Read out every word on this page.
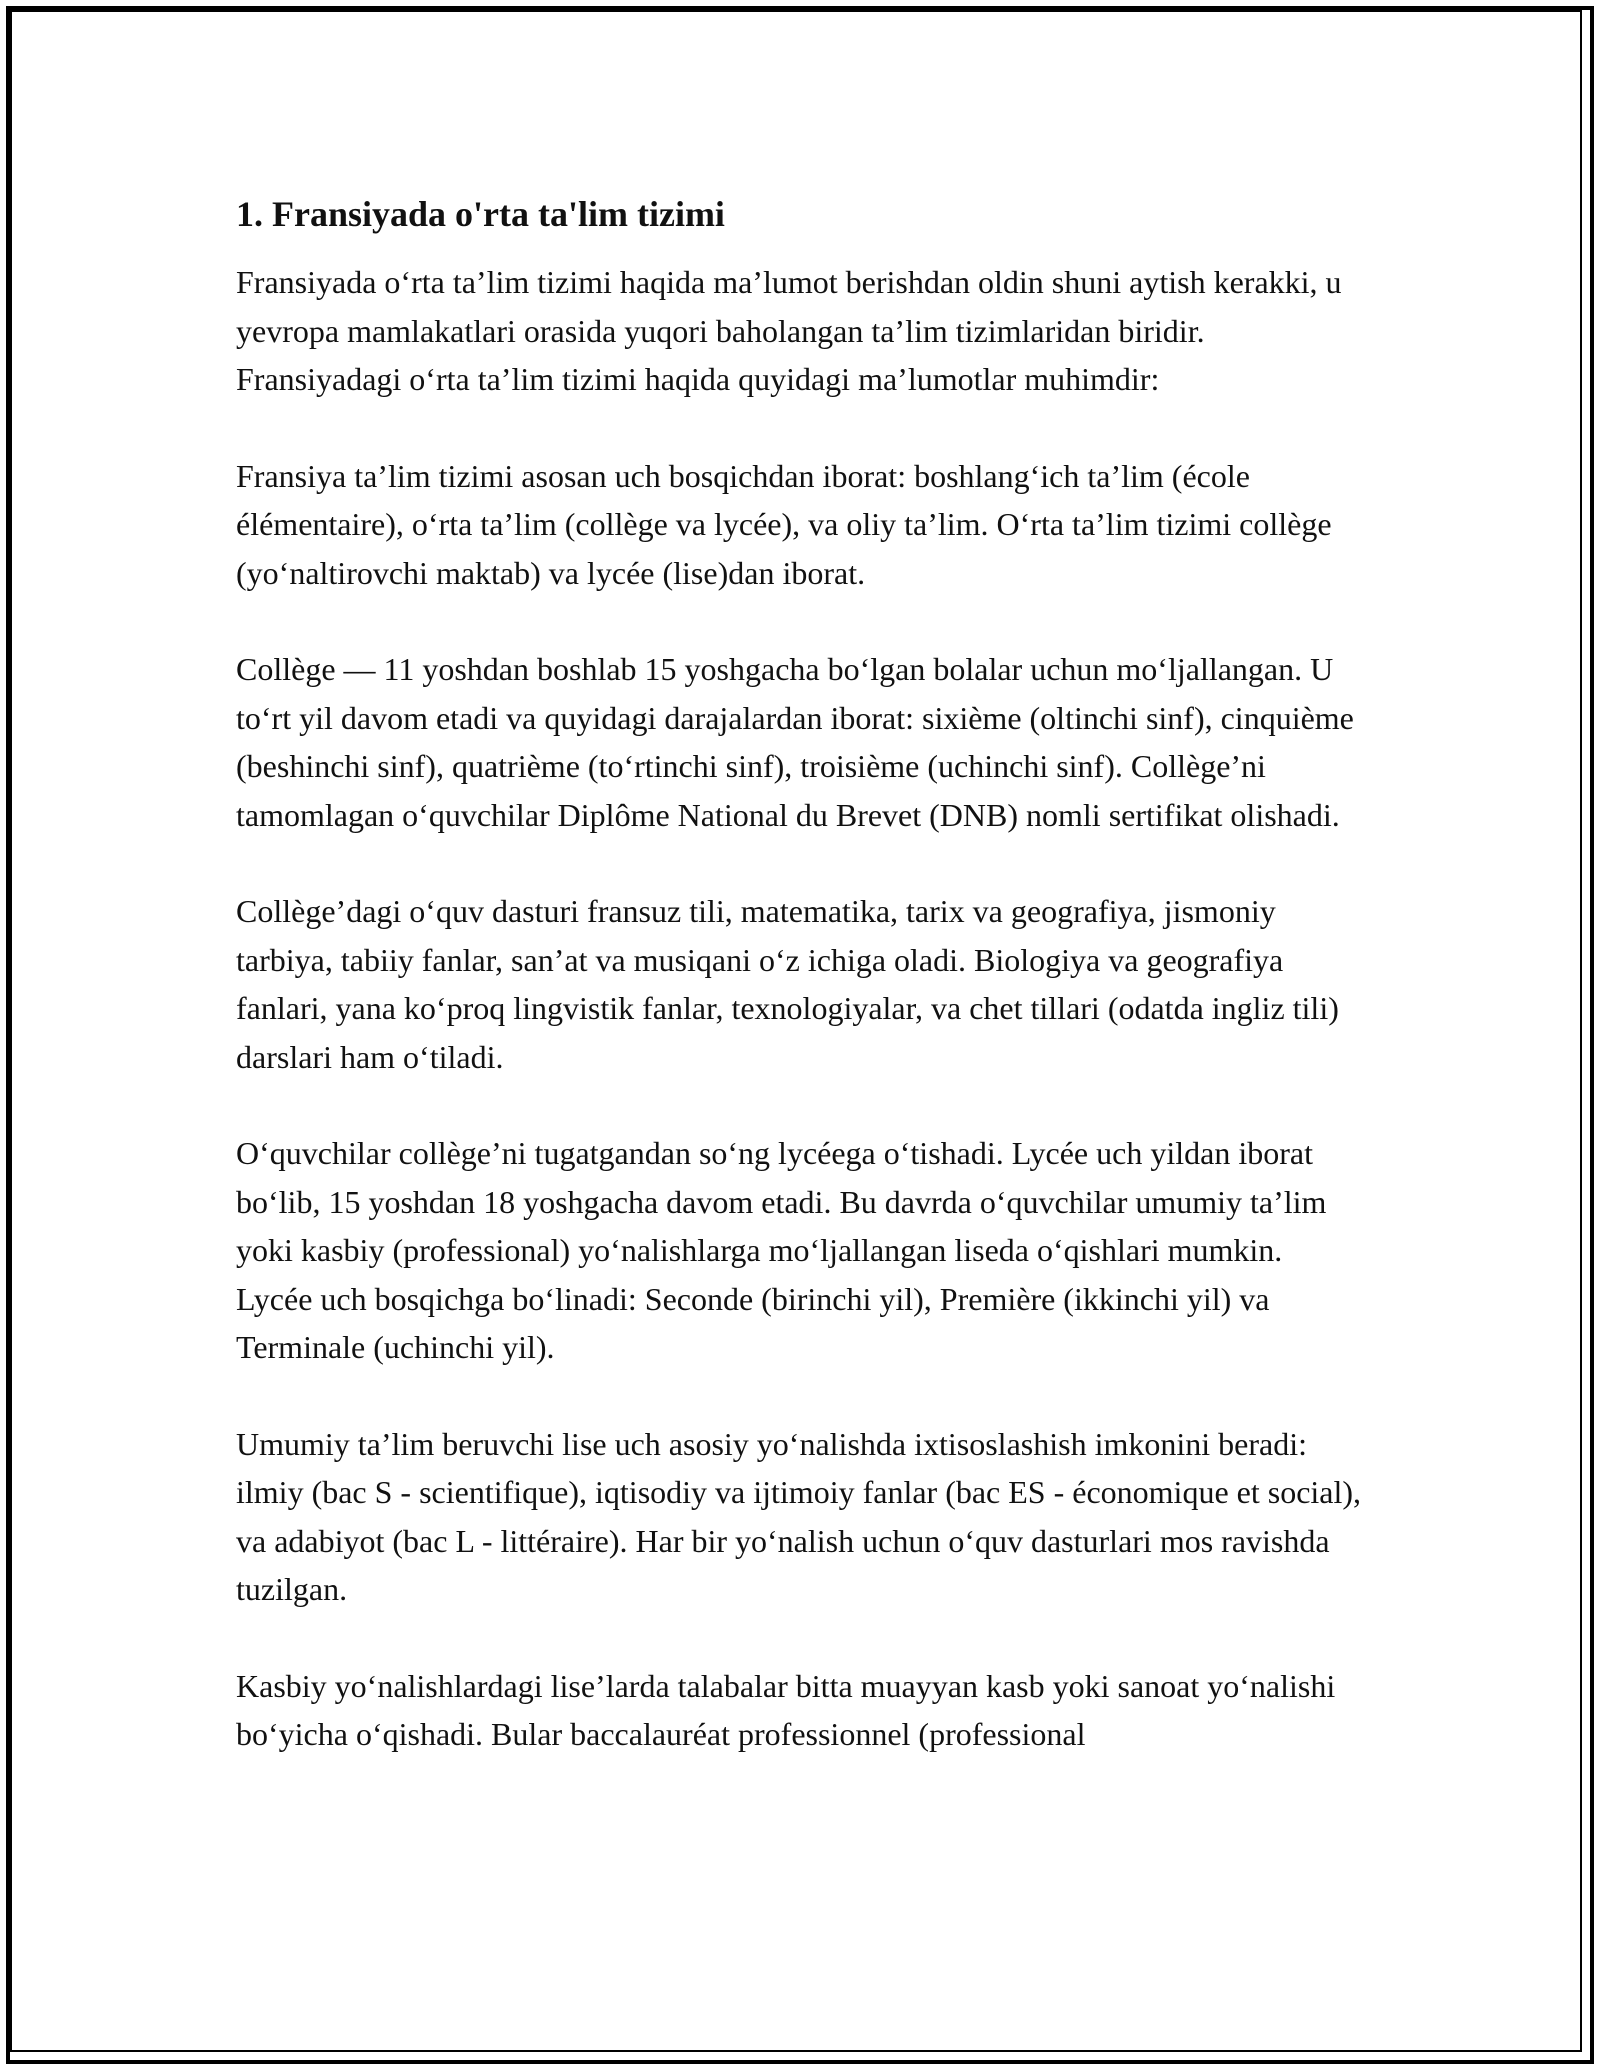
1. Fransiyada o'rta ta'lim tizimi

Fransiyada oʻrta taʼlim tizimi haqida maʼlumot berishdan oldin shuni aytish kerakki, u yevropa mamlakatlari orasida yuqori baholangan taʼlim tizimlaridan biridir. Fransiyadagi oʻrta taʼlim tizimi haqida quyidagi maʼlumotlar muhimdir:

Fransiya taʼlim tizimi asosan uch bosqichdan iborat: boshlangʻich taʼlim (école élémentaire), oʻrta taʼlim (collège va lycée), va oliy taʼlim. Oʻrta taʼlim tizimi collège (yoʻnaltirovchi maktab) va lycée (lise)dan iborat.

Collège — 11 yoshdan boshlab 15 yoshgacha boʻlgan bolalar uchun moʻljallangan. U toʻrt yil davom etadi va quyidagi darajalardan iborat: sixième (oltinchi sinf), cinquième (beshinchi sinf), quatrième (toʻrtinchi sinf), troisième (uchinchi sinf). Collège’ni tamomlagan oʻquvchilar Diplôme National du Brevet (DNB) nomli sertifikat olishadi.

Collège’dagi oʻquv dasturi fransuz tili, matematika, tarix va geografiya, jismoniy tarbiya, tabiiy fanlar, sanʼat va musiqani oʻz ichiga oladi. Biologiya va geografiya fanlari, yana koʻproq lingvistik fanlar, texnologiyalar, va chet tillari (odatda ingliz tili) darslari ham oʻtiladi.

Oʻquvchilar collège’ni tugatgandan soʻng lycéega oʻtishadi. Lycée uch yildan iborat boʻlib, 15 yoshdan 18 yoshgacha davom etadi. Bu davrda oʻquvchilar umumiy taʼlim yoki kasbiy (professional) yoʻnalishlarga moʻljallangan liseda oʻqishlari mumkin. Lycée uch bosqichga boʻlinadi: Seconde (birinchi yil), Première (ikkinchi yil) va Terminale (uchinchi yil).

Umumiy taʼlim beruvchi lise uch asosiy yoʻnalishda ixtisoslashish imkonini beradi: ilmiy (bac S - scientifique), iqtisodiy va ijtimoiy fanlar (bac ES - économique et social), va adabiyot (bac L - littéraire). Har bir yoʻnalish uchun oʻquv dasturlari mos ravishda tuzilgan.

Kasbiy yoʻnalishlardagi lise’larda talabalar bitta muayyan kasb yoki sanoat yoʻnalishi boʻyicha oʻqishadi. Bular baccalauréat professionnel (professional
